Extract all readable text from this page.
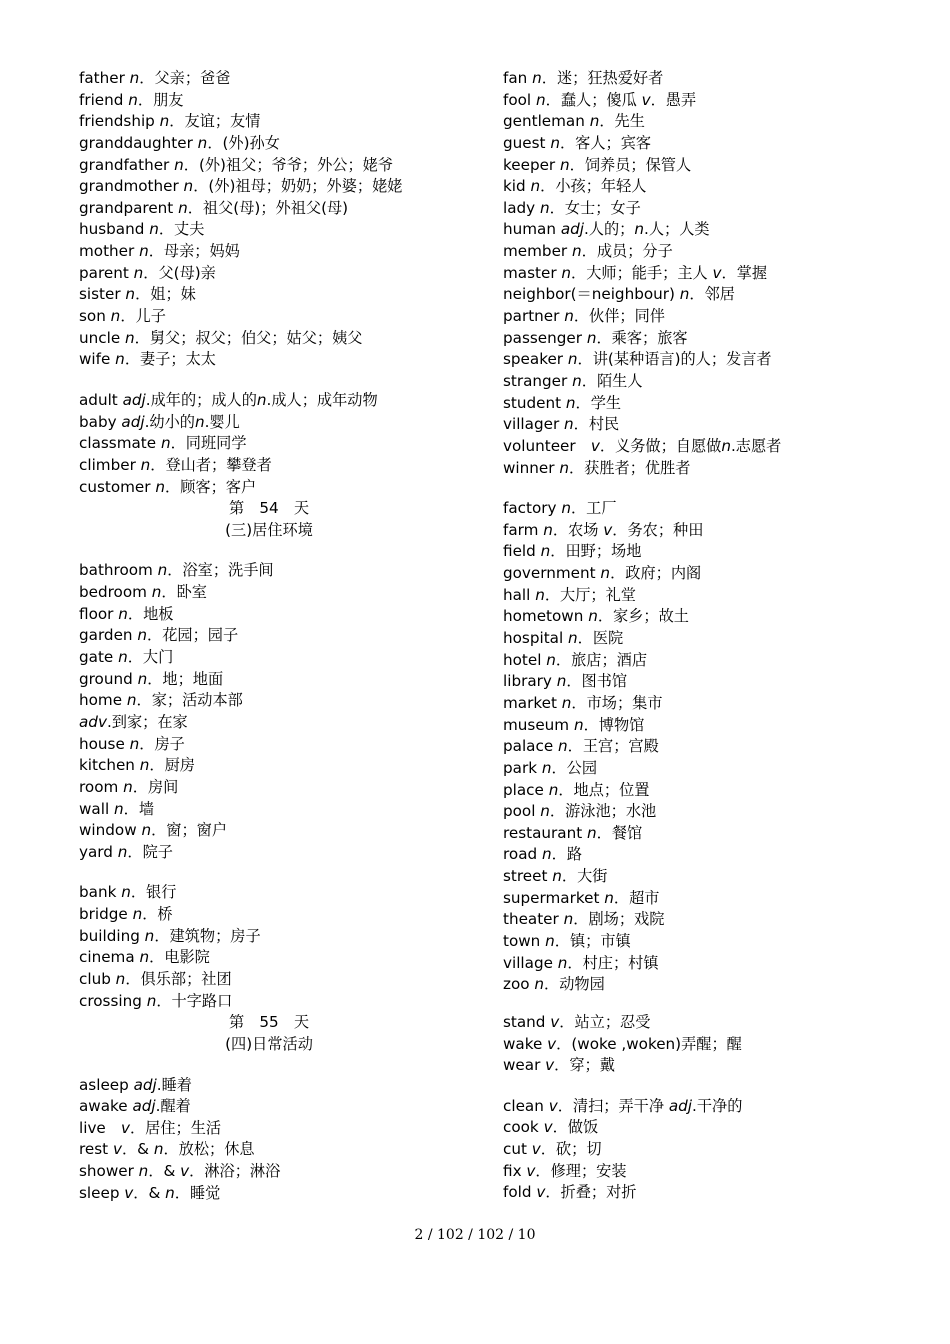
father n．父亲；爸爸
friend n．朋友
friendship n．友谊；友情
granddaughter n．(外)孙女
grandfather n．(外)祖父；爷爷；外公；姥爷
grandmother n．(外)祖母；奶奶；外婆；姥姥
grandparent n．祖父(母)；外祖父(母)
husband n．丈夫
mother n．母亲；妈妈
parent n．父(母)亲
sister n．姐；妹
son n．儿子
uncle n．舅父；叔父；伯父；姑父；姨父
wife n．妻子；太太
adult adj.成年的；成人的n.成人；成年动物
baby adj.幼小的n.婴儿
classmate n．同班同学
climber n．登山者；攀登者
customer n．顾客；客户
第　54　天
(三)居住环境
bathroom n．浴室；洗手间
bedroom n．卧室
floor n．地板
garden n．花园；园子
gate n．大门
ground n．地；地面
home n．家；活动本部
adv.到家；在家
house n．房子
kitchen n．厨房
room n．房间
wall n．墙
window n．窗；窗户
yard n．院子
bank n．银行
bridge n．桥
building n．建筑物；房子
cinema n．电影院
club n．俱乐部；社团
crossing n．十字路口
第　55　天
(四)日常活动
asleep adj.睡着
awake adj.醒着
live　v．居住；生活
rest v．& n．放松；休息
shower n．& v．淋浴；淋浴
sleep v．& n．睡觉
fan n．迷；狂热爱好者
fool n．蠢人；傻瓜 v．愚弄
gentleman n．先生
guest n．客人；宾客
keeper n．饲养员；保管人
kid n．小孩；年轻人
lady n．女士；女子
human adj.人的；n.人；人类
member n．成员；分子
master n．大师；能手；主人 v．掌握
neighbor(＝neighbour) n．邻居
partner n．伙伴；同伴
passenger n．乘客；旅客
speaker n．讲(某种语言)的人；发言者
stranger n．陌生人
student n．学生
villager n．村民
volunteer　v．义务做；自愿做n.志愿者
winner n．获胜者；优胜者
factory n．工厂
farm n．农场 v．务农；种田
field n．田野；场地
government n．政府；内阁
hall n．大厅；礼堂
hometown n．家乡；故土
hospital n．医院
hotel n．旅店；酒店
library n．图书馆
market n．市场；集市
museum n．博物馆
palace n．王宫；宫殿
park n．公园
place n．地点；位置
pool n．游泳池；水池
restaurant n．餐馆
road n．路
street n．大街
supermarket n．超市
theater n．剧场；戏院
town n．镇；市镇
village n．村庄；村镇
zoo n．动物园
stand v．站立；忍受
wake v．(woke ,woken)弄醒；醒
wear v．穿；戴
clean v．清扫；弄干净 adj.干净的
cook v．做饭
cut v．砍；切
fix v．修理；安装
fold v．折叠；对折
2 / 102 / 102 / 10
